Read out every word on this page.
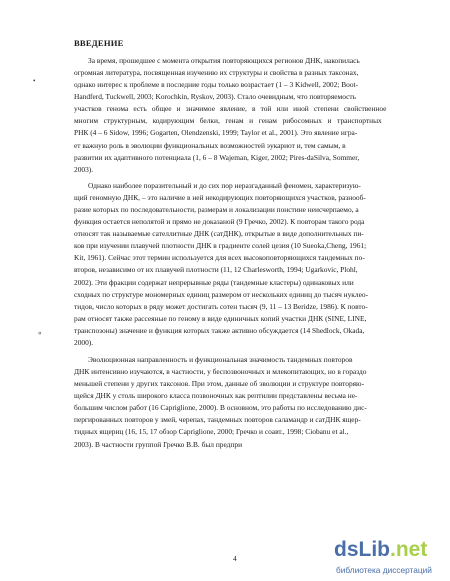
ВВЕДЕНИЕ
За время, прошедшее с момента открытия повторяющихся регионов ДНК, накопилась
огромная литература, посвященная изучению их структуры и свойства в разных таксонах,
однако интерес к проблеме в последние годы только возрастает (1 – 3 Kidwell, 2002; Boot-
Handferd, Tuckwell, 2003; Korochkin, Ryskov, 2003). Стало очевидным, что повторяемость
участков генома есть общее и значимое явление, в той или иной степени свойственное
многим структурным, кодирующим белки, генам и генам рибосомных и транспортных
РНК (4 – 6 Sidow, 1996; Gogarten, Olendzenski, 1999; Taylor et al., 2001). Это явление игра-
ет важную роль в эволюции функциональных возможностей эукариот и, тем самым, в
развитии их адаптивного потенциала (1, 6 – 8 Wajeman, Kiger, 2002; Pires-daSilva, Sommer,
2003).
Однако наиболее поразительный и до сих пор неразгаданный феномен, характеризую-
щий геномную ДНК, – это наличие в ней некодирующих повторяющихся участков, разнооб-
разие которых по последовательности, размерам и локализации понстине неисчерпаемо, а
функция остается неполятой и прямо не доказаной (9 Гречко, 2002). К повторам такого рода
относят так называемые сателлитные ДНК (сатДНК), открытые в виде дополнительных пи-
ков при изучении плавучей плотности ДНК в градиенте солей цезия (10 Sueoka,Cheng, 1961;
Kit, 1961). Сейчас этот термин используется для всех высокоповторяющихся тандемных по-
второв, независимо от их плавучей плотности (11, 12 Charlesworth, 1994; Ugarkovic, Plohl,
2002). Эти фракции содержат непрерывные ряды (тандемные кластеры) одинаковых или
сходных по структуре мономерных единиц размером от нескольких единиц до тысяч нуклео-
тидов, число которых в ряду может достигать сотен тысяч (9, 11 – 13 Beridze, 1986). К повто-
рам относят также рассеяные по геному в виде единичных копий участки ДНК (SINE, LINE,
транспозоны) значение и функция которых также активно обсуждается (14 Shedlock, Okada,
2000).
Эволюционная направленность и функциональная значимость тандемных повторов
ДНК интенсивно изучаются, в частности, у беспозвоночных и млекопитающих, но в гораздо
меньшей степени у других таксонов. При этом, данные об эволюции и структуре повторяю-
щейся ДНК у столь широкого класса позвоночных как рептилии представлены весьма не-
большим числом работ (16 Capriglione, 2000). В основном, это работы по исследованию дис-
пергированных повторов у змей, черепах, тандемных повторов саламандр и сатДНК ящер-
тидных ящериц (16, 15, 17 обзор Capriglione, 2000; Гречко и соавт., 1998; Ciobanu et al.,
2003). В частности группой Гречко В.В. был предпри
•
«
4	dsLib.net
библиотека диссертаций
